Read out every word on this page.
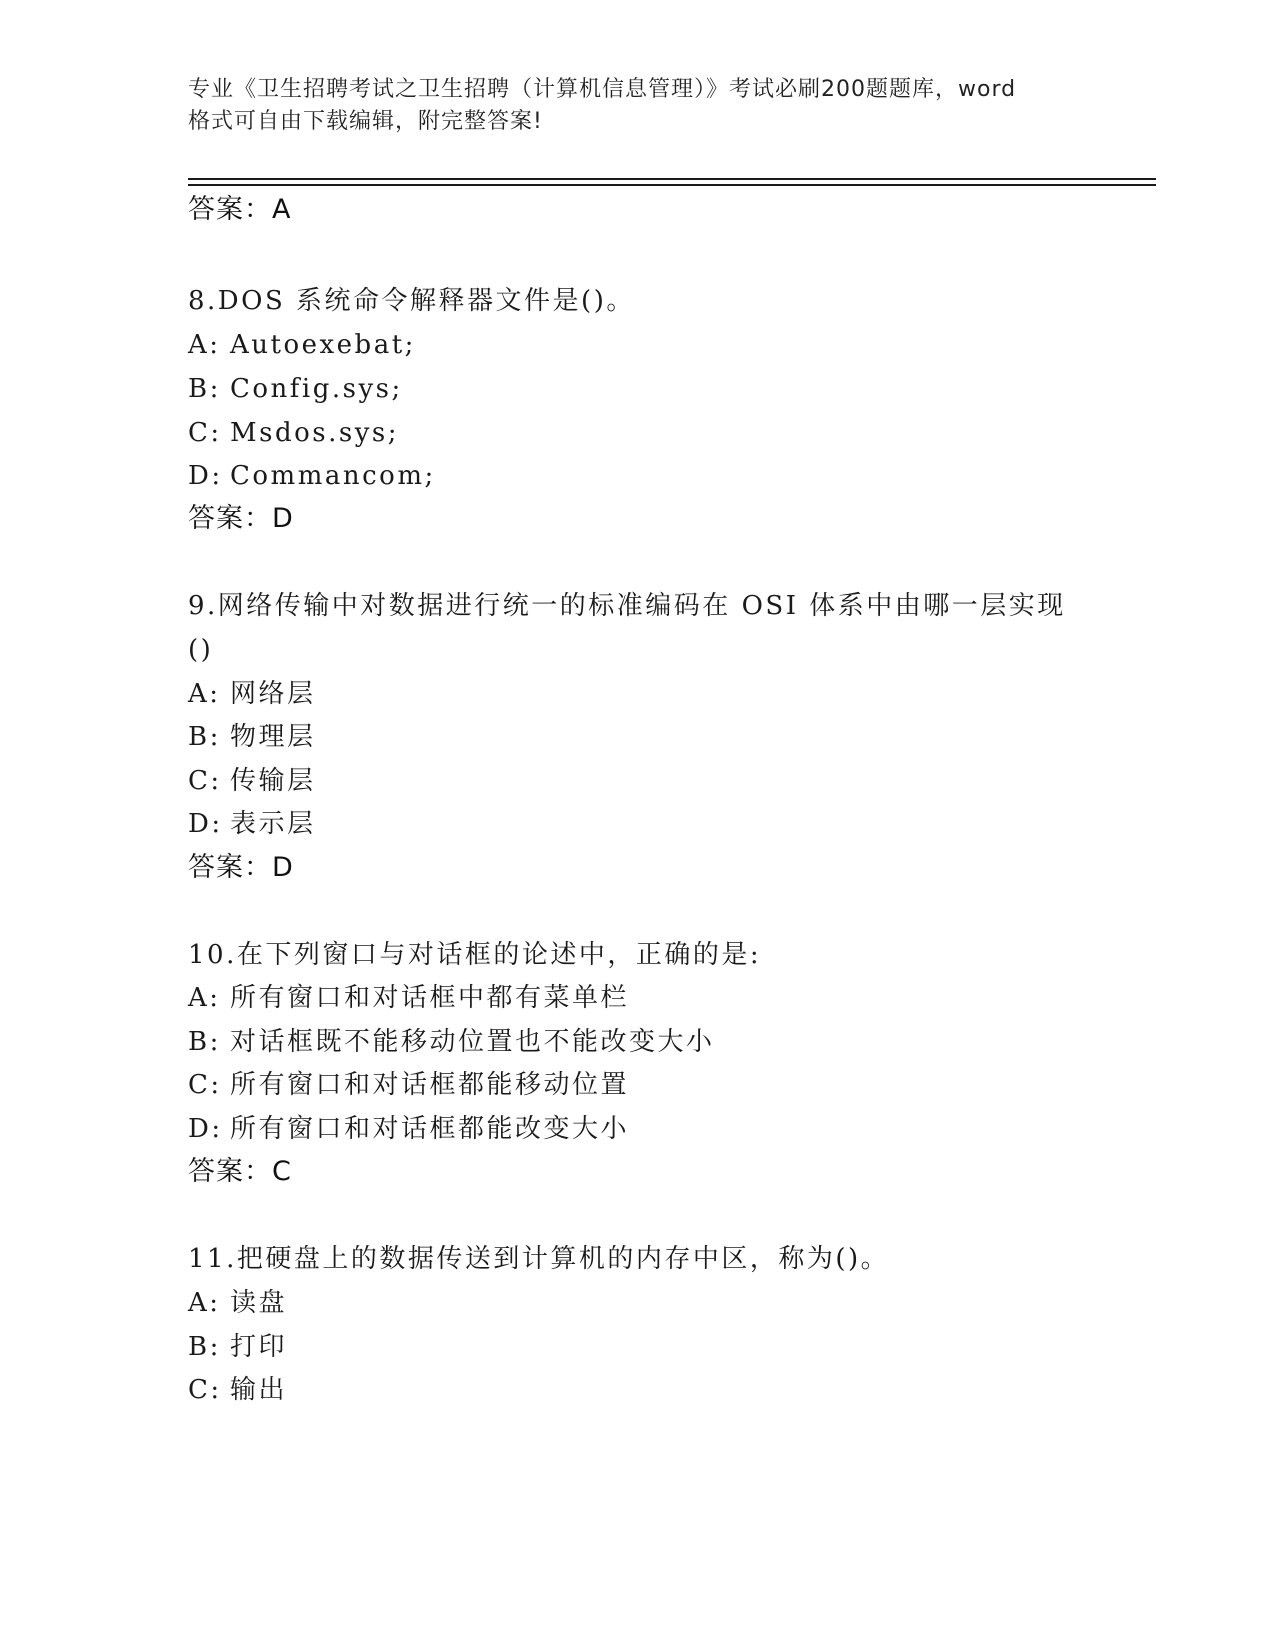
专业《卫生招聘考试之卫生招聘（计算机信息管理）》考试必刷200题题库，word
格式可自由下载编辑，附完整答案!
答案：A
8.DOS 系统命令解释器文件是()。
A: Autoexebat;
B: Config.sys;
C: Msdos.sys;
D: Commancom;
答案：D
9.网络传输中对数据进行统一的标准编码在 OSI 体系中由哪一层实现
()
A: 网络层
B: 物理层
C: 传输层
D: 表示层
答案：D
10.在下列窗口与对话框的论述中，正确的是:
A: 所有窗口和对话框中都有菜单栏
B: 对话框既不能移动位置也不能改变大小
C: 所有窗口和对话框都能移动位置
D: 所有窗口和对话框都能改变大小
答案：C
11.把硬盘上的数据传送到计算机的内存中区，称为()。
A: 读盘
B: 打印
C: 输出
